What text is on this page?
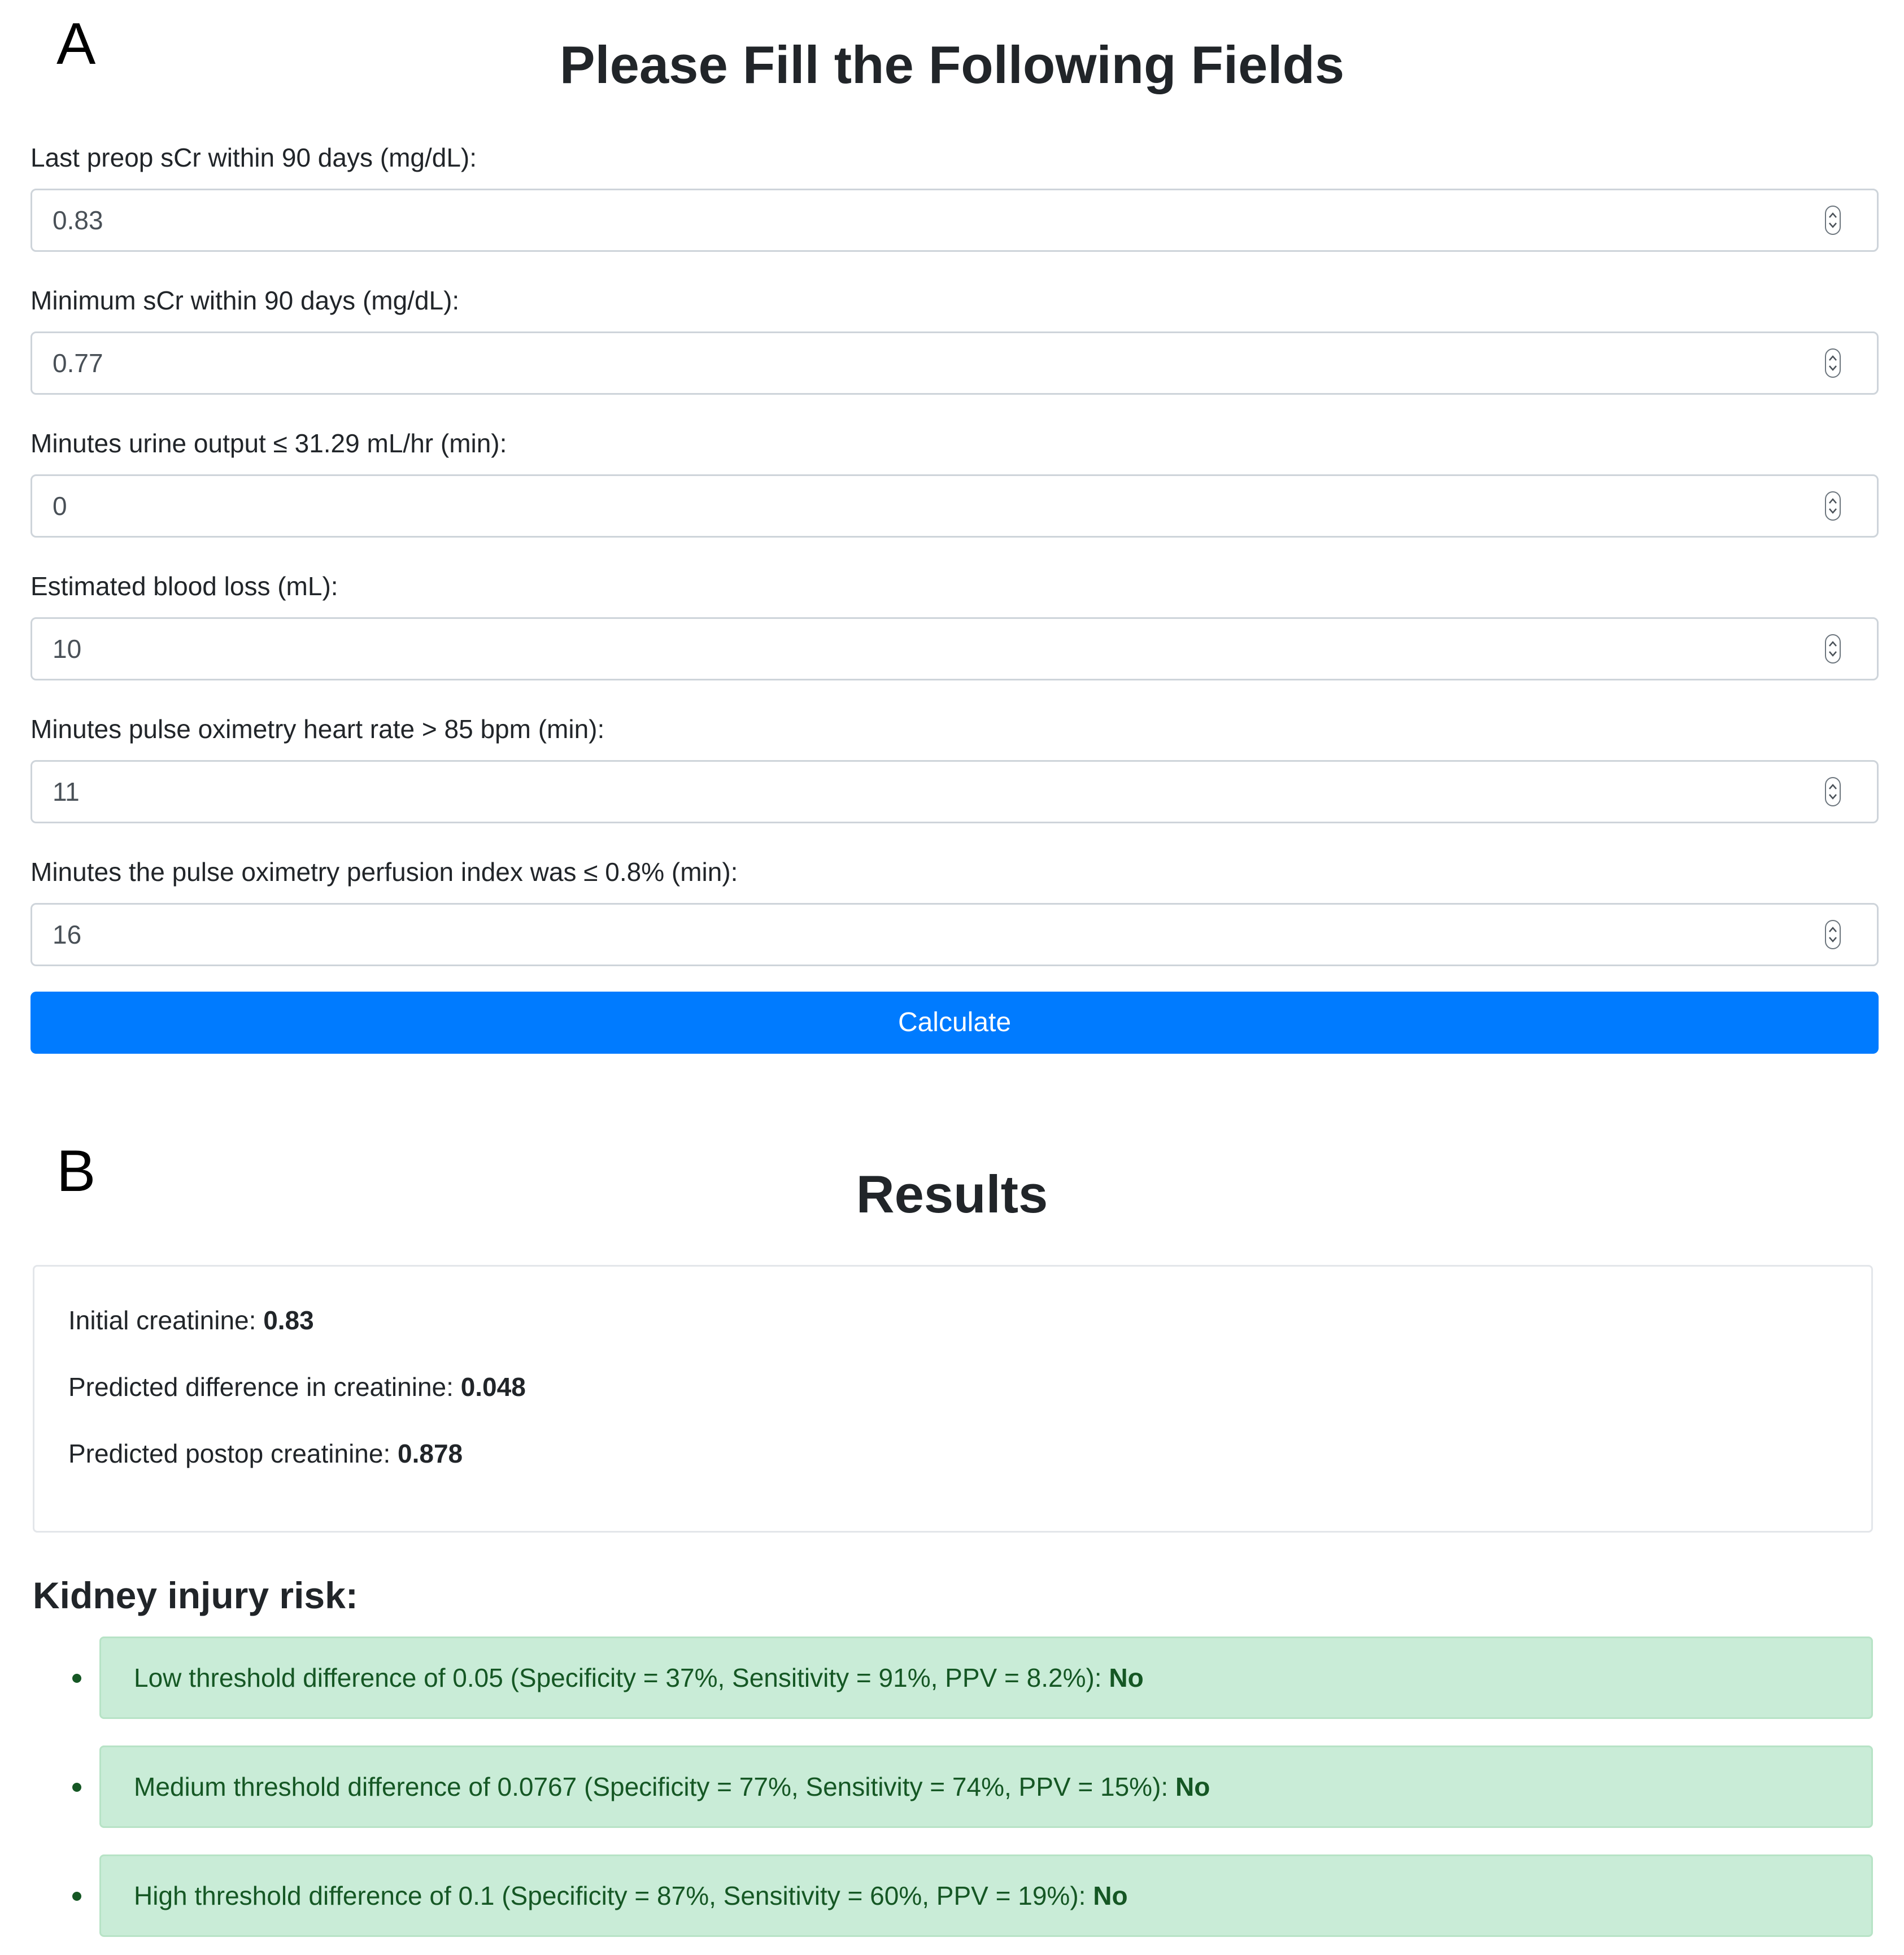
A	Please Fill the Following Fields
Last preop sCr within 90 days (mg/dL):
0.83
Minimum sCr within 90 days (mg/dL):
0.77
Minutes urine output ≤ 31.29 mL/hr (min):
0
Estimated blood loss (mL):
10
Minutes pulse oximetry heart rate > 85 bpm (min):
11
Minutes the pulse oximetry perfusion index was ≤ 0.8% (min):
16
Calculate
B	Results
Initial creatinine: 0.83
Predicted difference in creatinine: 0.048
Predicted postop creatinine: 0.878
Kidney injury risk:
Low threshold difference of 0.05 (Specificity = 37%, Sensitivity = 91%, PPV = 8.2%): No
Medium threshold difference of 0.0767 (Specificity = 77%, Sensitivity = 74%, PPV = 15%): No
High threshold difference of 0.1 (Specificity = 87%, Sensitivity = 60%, PPV = 19%): No
